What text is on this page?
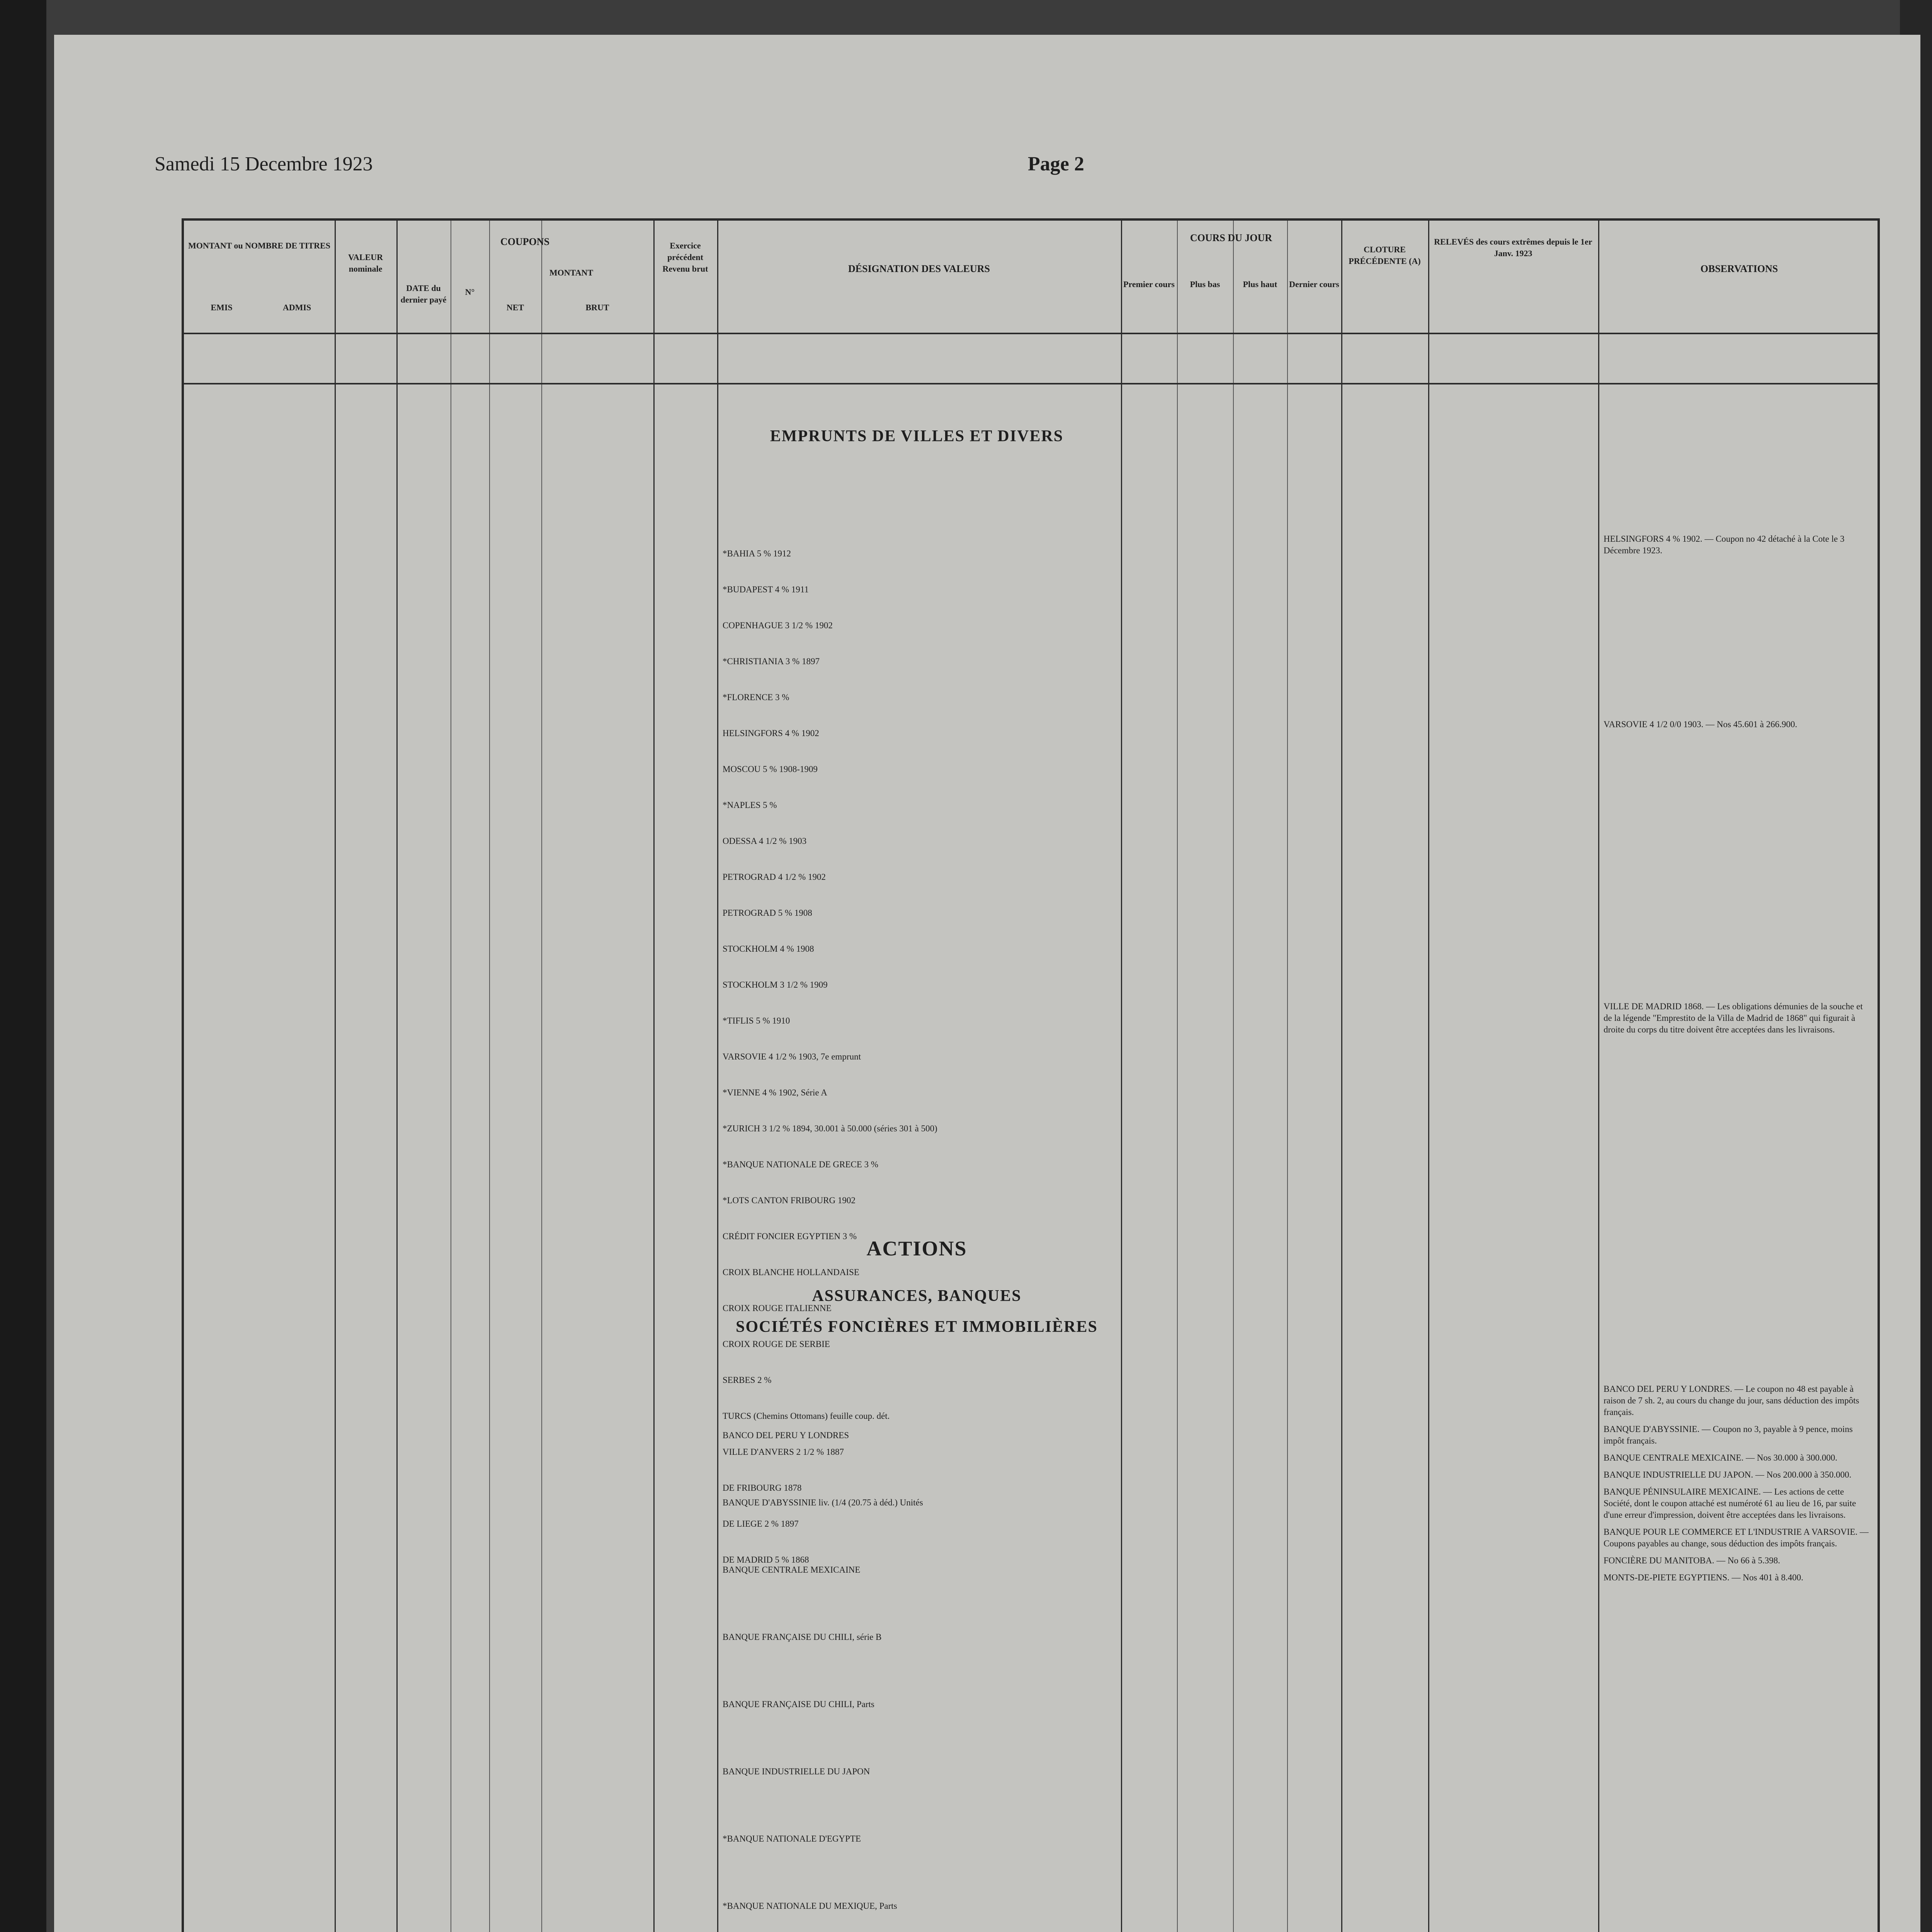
Samedi 15 Decembre 1923	Page 2
MONTANT ou NOMBRE DE TITRES
EMIS	ADMIS
VALEUR nominale
COUPONS
DATE du dernier payé
N°
MONTANT
NET	BRUT
Exercice précédent Revenu brut	DÉSIGNATION DES VALEURS
COURS DU JOUR
Premier cours	Plus bas	Plus haut	Dernier cours
CLOTURE PRÉCÉDENTE (A)
RELEVÉS des cours extrêmes depuis le 1er Janv. 1923
OBSERVATIONS
EMPRUNTS DE VILLES ET DIVERS
ACTIONS
ASSURANCES, BANQUES
SOCIÉTÉS FONCIÈRES ET IMMOBILIÈRES

*BAHIA 5 % 1912

*BUDAPEST 4 % 1911

COPENHAGUE 3 1/2 % 1902

*CHRISTIANIA 3 % 1897

*FLORENCE 3 %

HELSINGFORS 4 % 1902

MOSCOU 5 % 1908-1909

*NAPLES 5 %

ODESSA 4 1/2 % 1903

PETROGRAD 4 1/2 % 1902

PETROGRAD 5 % 1908

STOCKHOLM 4 % 1908

STOCKHOLM 3 1/2 % 1909

*TIFLIS 5 % 1910

VARSOVIE 4 1/2 % 1903, 7e emprunt

*VIENNE 4 % 1902, Série A

*ZURICH 3 1/2 % 1894, 30.001 à 50.000 (séries 301 à 500)

*BANQUE NATIONALE DE GRECE 3 %

*LOTS CANTON FRIBOURG 1902

CRÉDIT FONCIER EGYPTIEN 3 %

CROIX BLANCHE HOLLANDAISE

CROIX ROUGE ITALIENNE

CROIX ROUGE DE SERBIE

SERBES 2 %

TURCS (Chemins Ottomans) feuille coup. dét.

VILLE D'ANVERS 2 1/2 % 1887

DE FRIBOURG 1878

DE LIEGE 2 % 1897

DE MADRID 5 % 1868

BANCO DEL PERU Y LONDRES

BANQUE D'ABYSSINIE liv. (1/4 (20.75 à déd.) Unités

BANQUE CENTRALE MEXICAINE

BANQUE FRANÇAISE DU CHILI, série B

BANQUE FRANÇAISE DU CHILI, Parts

BANQUE INDUSTRIELLE DU JAPON

*BANQUE NATIONALE D'EGYPTE

*BANQUE NATIONALE DU MEXIQUE, Parts

HELSINGFORS 4 % 1902. — Coupon no 42 détaché à la Cote le 3 Décembre 1923.

VARSOVIE 4 1/2 0/0 1903. — Nos 45.601 à 266.900.

VILLE DE MADRID 1868. — Les obligations démunies de la souche et de la légende "Emprestito de la Villa de Madrid de 1868" qui figurait à droite du corps du titre doivent être acceptées dans les livraisons.

BANCO DEL PERU Y LONDRES. — Le coupon no 48 est payable à raison de 7 sh. 2, au cours du change du jour, sans déduction des impôts français.

BANQUE D'ABYSSINIE. — Coupon no 3, payable à 9 pence, moins impôt français.

BANQUE CENTRALE MEXICAINE. — Nos 30.000 à 300.000.

BANQUE INDUSTRIELLE DU JAPON. — Nos 200.000 à 350.000.

BANQUE PÉNINSULAIRE MEXICAINE. — Les actions de cette Société, dont le coupon attaché est numéroté 61 au lieu de 16, par suite d'une erreur d'impression, doivent être acceptées dans les livraisons.

BANQUE POUR LE COMMERCE ET L'INDUSTRIE A VARSOVIE. — Coupons payables au change, sous déduction des impôts français.

FONCIÈRE DU MANITOBA. — No 66 à 5.398.

MONTS-DE-PIETE EGYPTIENS. — Nos 401 à 8.400.
